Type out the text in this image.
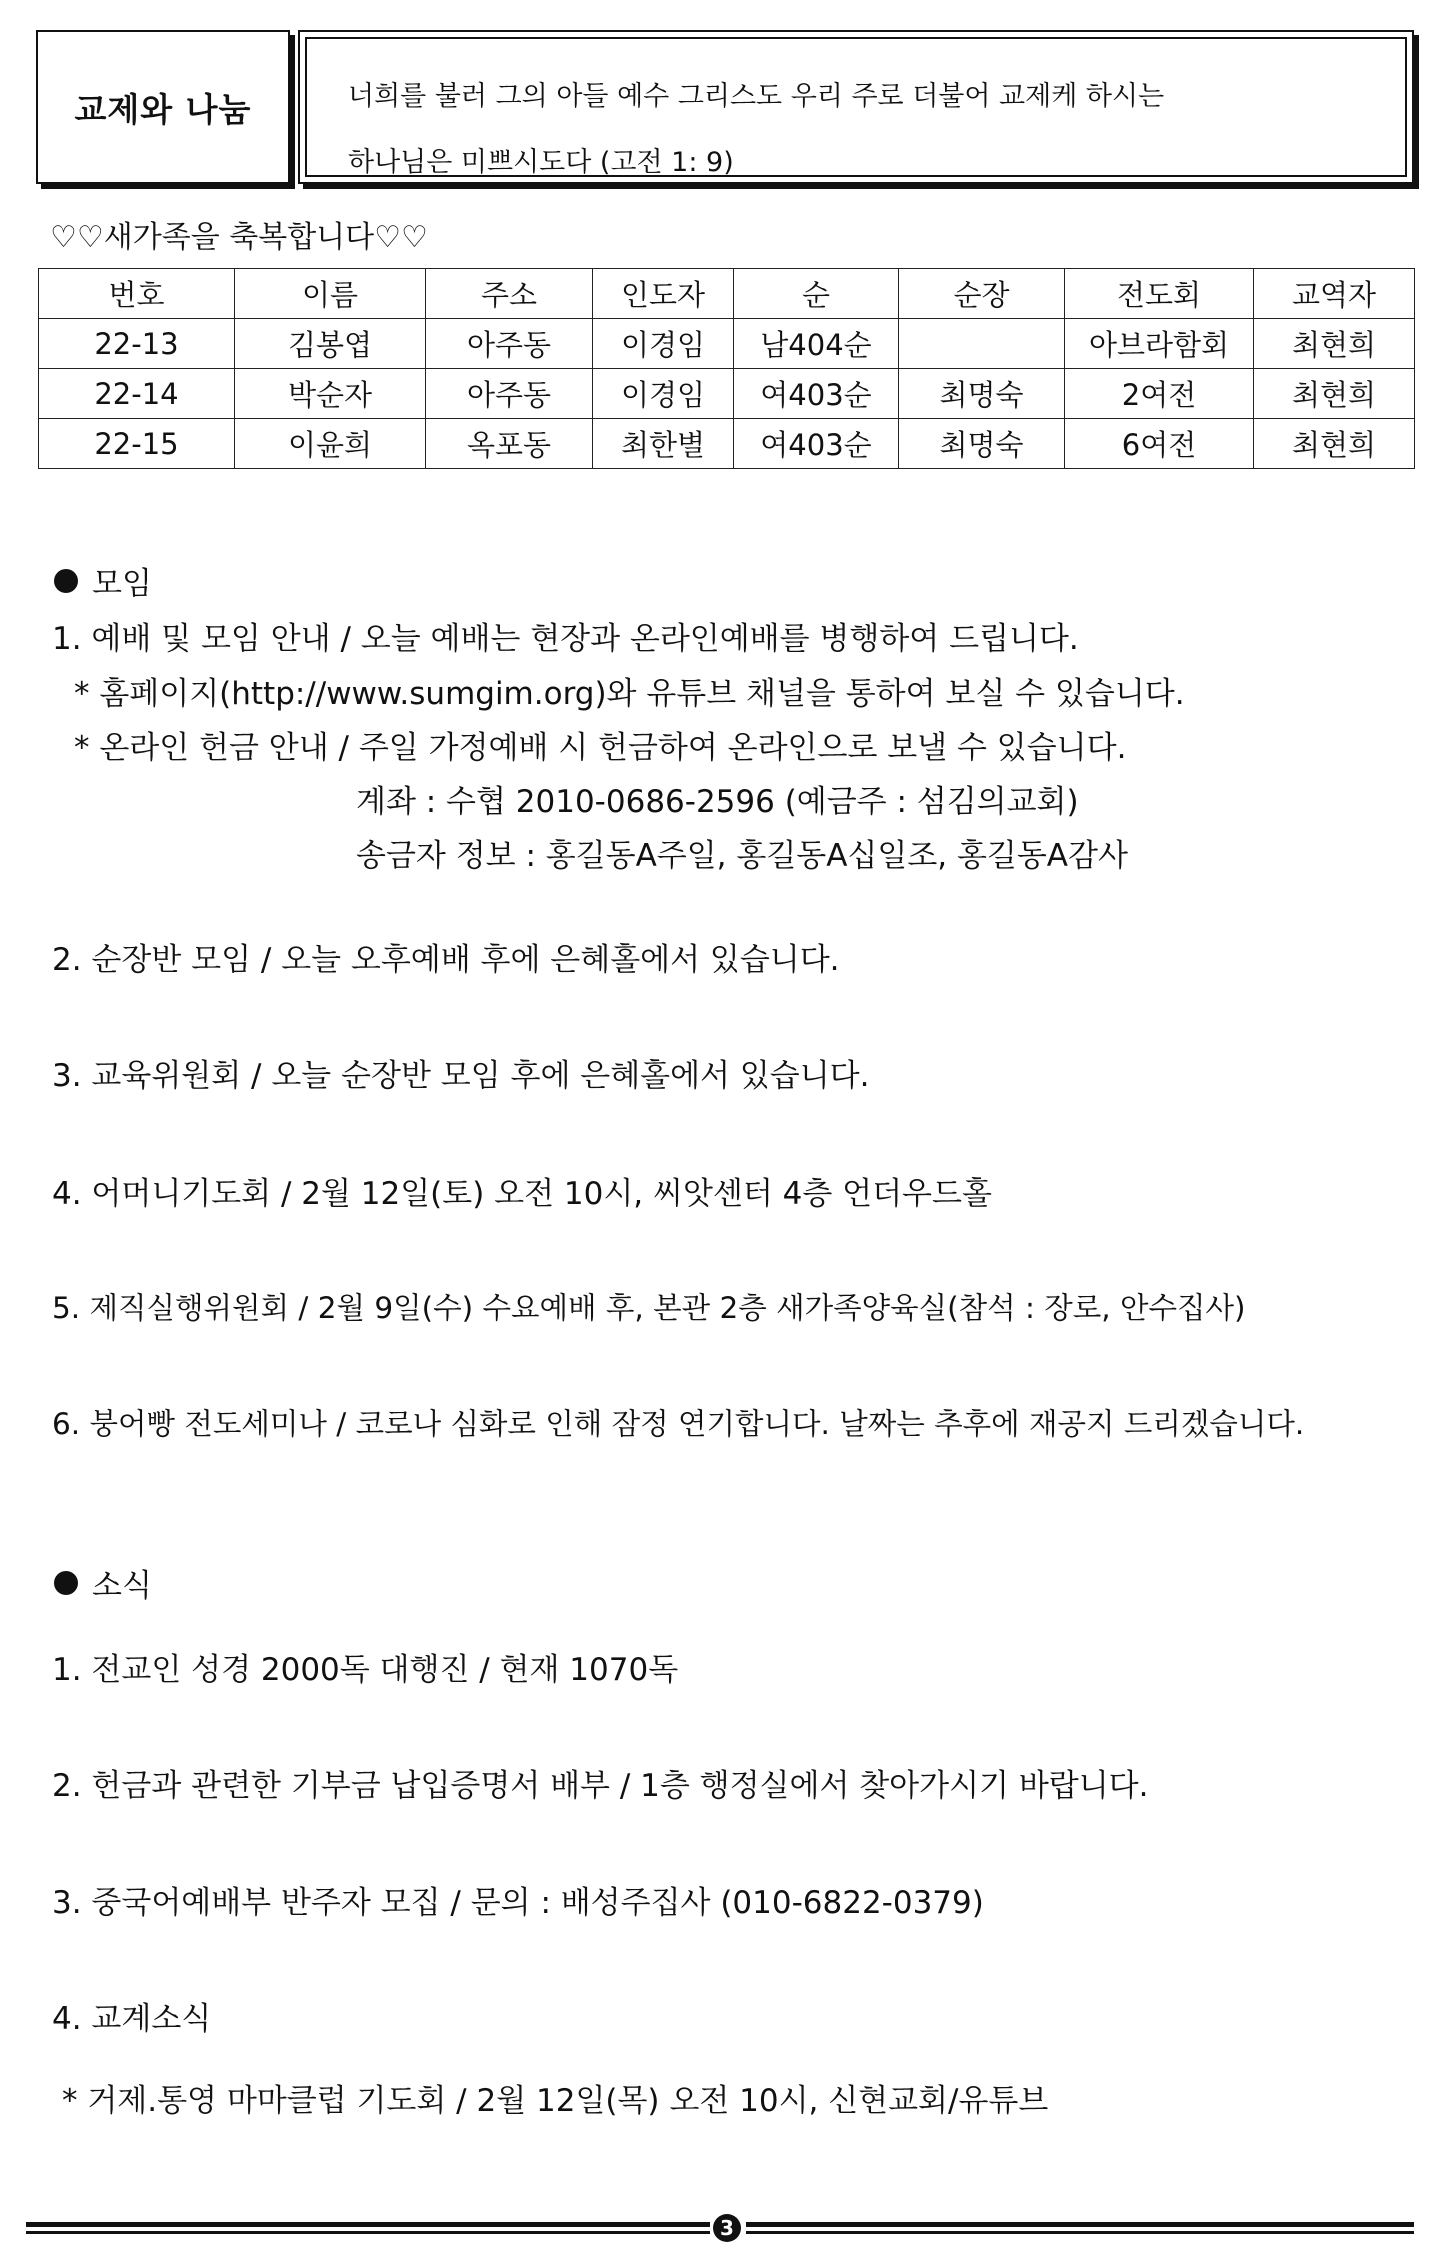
교제와 나눔	너희를 불러 그의 아들 예수 그리스도 우리 주로 더불어 교제케 하시는
하나님은 미쁘시도다 (고전 1: 9)
♡♡새가족을 축복합니다♡♡
번호	이름	주소	인도자	순	순장	전도회	교역자
22-13	김봉엽	아주동	이경임	남404순		아브라함회	최현희
22-14	박순자	아주동	이경임	여403순	최명숙	2여전	최현희
22-15	이윤희	옥포동	최한별	여403순	최명숙	6여전	최현희
모임
1. 예배 및 모임 안내 / 오늘 예배는 현장과 온라인예배를 병행하여 드립니다.
* 홈페이지(http://www.sumgim.org)와 유튜브 채널을 통하여 보실 수 있습니다.
* 온라인 헌금 안내 / 주일 가정예배 시 헌금하여 온라인으로 보낼 수 있습니다.
계좌 : 수협 2010-0686-2596 (예금주 : 섬김의교회)
송금자 정보 : 홍길동A주일, 홍길동A십일조, 홍길동A감사
2. 순장반 모임 / 오늘 오후예배 후에 은혜홀에서 있습니다.
3. 교육위원회 / 오늘 순장반 모임 후에 은혜홀에서 있습니다.
4. 어머니기도회 / 2월 12일(토) 오전 10시, 씨앗센터 4층 언더우드홀
5. 제직실행위원회 / 2월 9일(수) 수요예배 후, 본관 2층 새가족양육실(참석 : 장로, 안수집사)
6. 붕어빵 전도세미나 / 코로나 심화로 인해 잠정 연기합니다. 날짜는 추후에 재공지 드리겠습니다.
소식
1. 전교인 성경 2000독 대행진 / 현재 1070독
2. 헌금과 관련한 기부금 납입증명서 배부 / 1층 행정실에서 찾아가시기 바랍니다.
3. 중국어예배부 반주자 모집 / 문의 : 배성주집사 (010-6822-0379)
4. 교계소식
* 거제.통영 마마클럽 기도회 / 2월 12일(목) 오전 10시, 신현교회/유튜브
3
